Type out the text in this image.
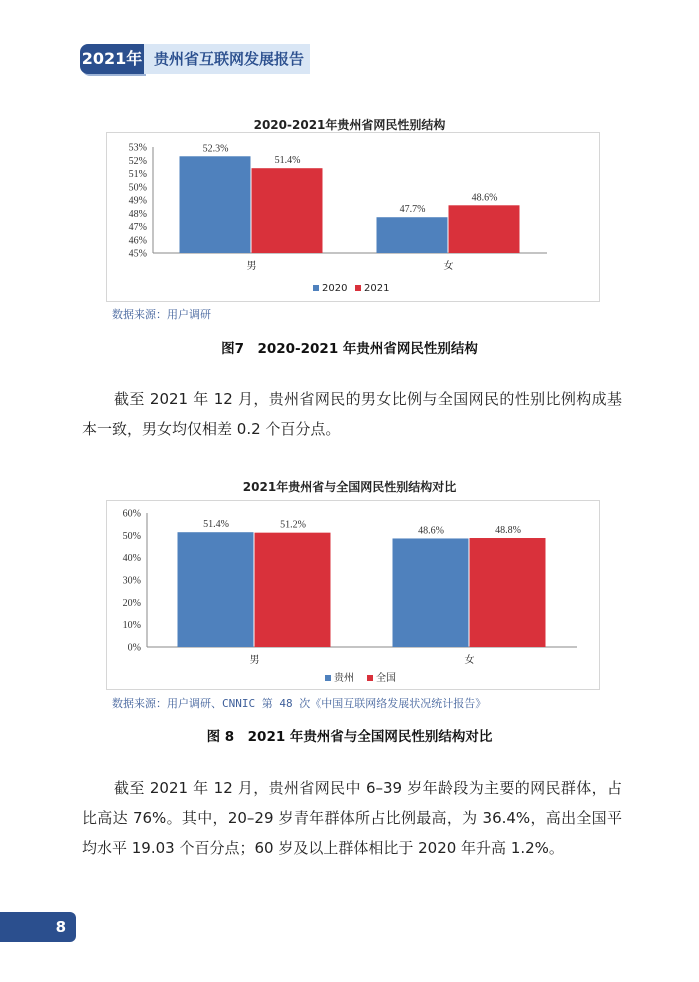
2021年 贵州省互联网发展报告
2020-2021年贵州省网民性别结构
45%
46%
47%
48%
49%
50%
51%
52%
53%	52.3%
51.4%
男
47.7%
48.6%
女
2020 2021
数据来源：用户调研
图7　2020-2021 年贵州省网民性别结构

截至 2021 年 12 月，贵州省网民的男女比例与全国网民的性别比例构成基本一致，男女均仅相差 0.2 个百分点。

2021年贵州省与全国网民性别结构对比
0%
10%
20%
30%
40%
50%
60%
51.4%	51.2%
男
48.6%	48.8%
女
贵州 全国
数据来源：用户调研、CNNIC 第 48 次《中国互联网络发展状况统计报告》
图 8　2021 年贵州省与全国网民性别结构对比

截至 2021 年 12 月，贵州省网民中 6–39 岁年龄段为主要的网民群体，占比高达 76%。其中，20–29 岁青年群体所占比例最高，为 36.4%，高出全国平均水平 19.03 个百分点；60 岁及以上群体相比于 2020 年升高 1.2%。

8
